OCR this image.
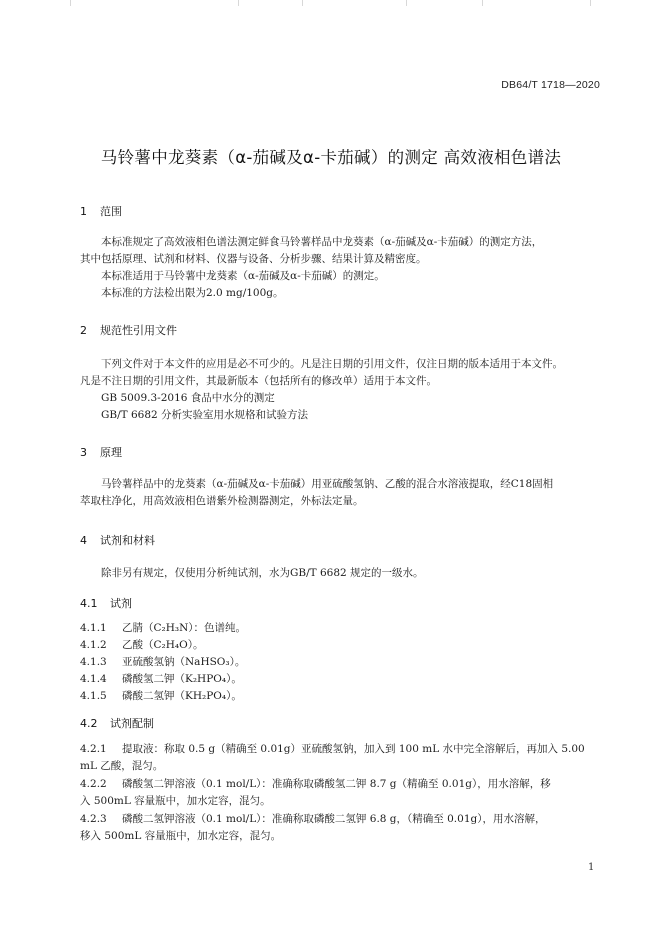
DB64/T 1718—2020
马铃薯中龙葵素（α-茄碱及α-卡茄碱）的测定 高效液相色谱法
1 范围
本标准规定了高效液相色谱法测定鲜食马铃薯样品中龙葵素（α-茄碱及α-卡茄碱）的测定方法，
其中包括原理、试剂和材料、仪器与设备、分析步骤、结果计算及精密度。
本标准适用于马铃薯中龙葵素（α-茄碱及α-卡茄碱）的测定。
本标准的方法检出限为2.0 mg/100g。
2 规范性引用文件
下列文件对于本文件的应用是必不可少的。凡是注日期的引用文件，仅注日期的版本适用于本文件。
凡是不注日期的引用文件，其最新版本（包括所有的修改单）适用于本文件。
GB 5009.3-2016 食品中水分的测定
GB/T 6682 分析实验室用水规格和试验方法
3 原理
马铃薯样品中的龙葵素（α-茄碱及α-卡茄碱）用亚硫酸氢钠、乙酸的混合水溶液提取，经C18固相
萃取柱净化，用高效液相色谱紫外检测器测定，外标法定量。
4 试剂和材料
除非另有规定，仅使用分析纯试剂，水为GB/T 6682 规定的一级水。
4.1 试剂
4.1.1 乙腈（C₂H₃N）：色谱纯。
4.1.2 乙酸（C₂H₄O）。
4.1.3 亚硫酸氢钠（NaHSO₃）。
4.1.4 磷酸氢二钾（K₂HPO₄）。
4.1.5 磷酸二氢钾（KH₂PO₄）。
4.2 试剂配制
4.2.1 提取液：称取 0.5 g（精确至 0.01g）亚硫酸氢钠，加入到 100 mL 水中完全溶解后，再加入 5.00
mL 乙酸，混匀。
4.2.2 磷酸氢二钾溶液（0.1 mol/L）：准确称取磷酸氢二钾 8.7 g（精确至 0.01g），用水溶解，移
入 500mL 容量瓶中，加水定容，混匀。
4.2.3 磷酸二氢钾溶液（0.1 mol/L）：准确称取磷酸二氢钾 6.8 g，（精确至 0.01g），用水溶解，
移入 500mL 容量瓶中，加水定容，混匀。
1
